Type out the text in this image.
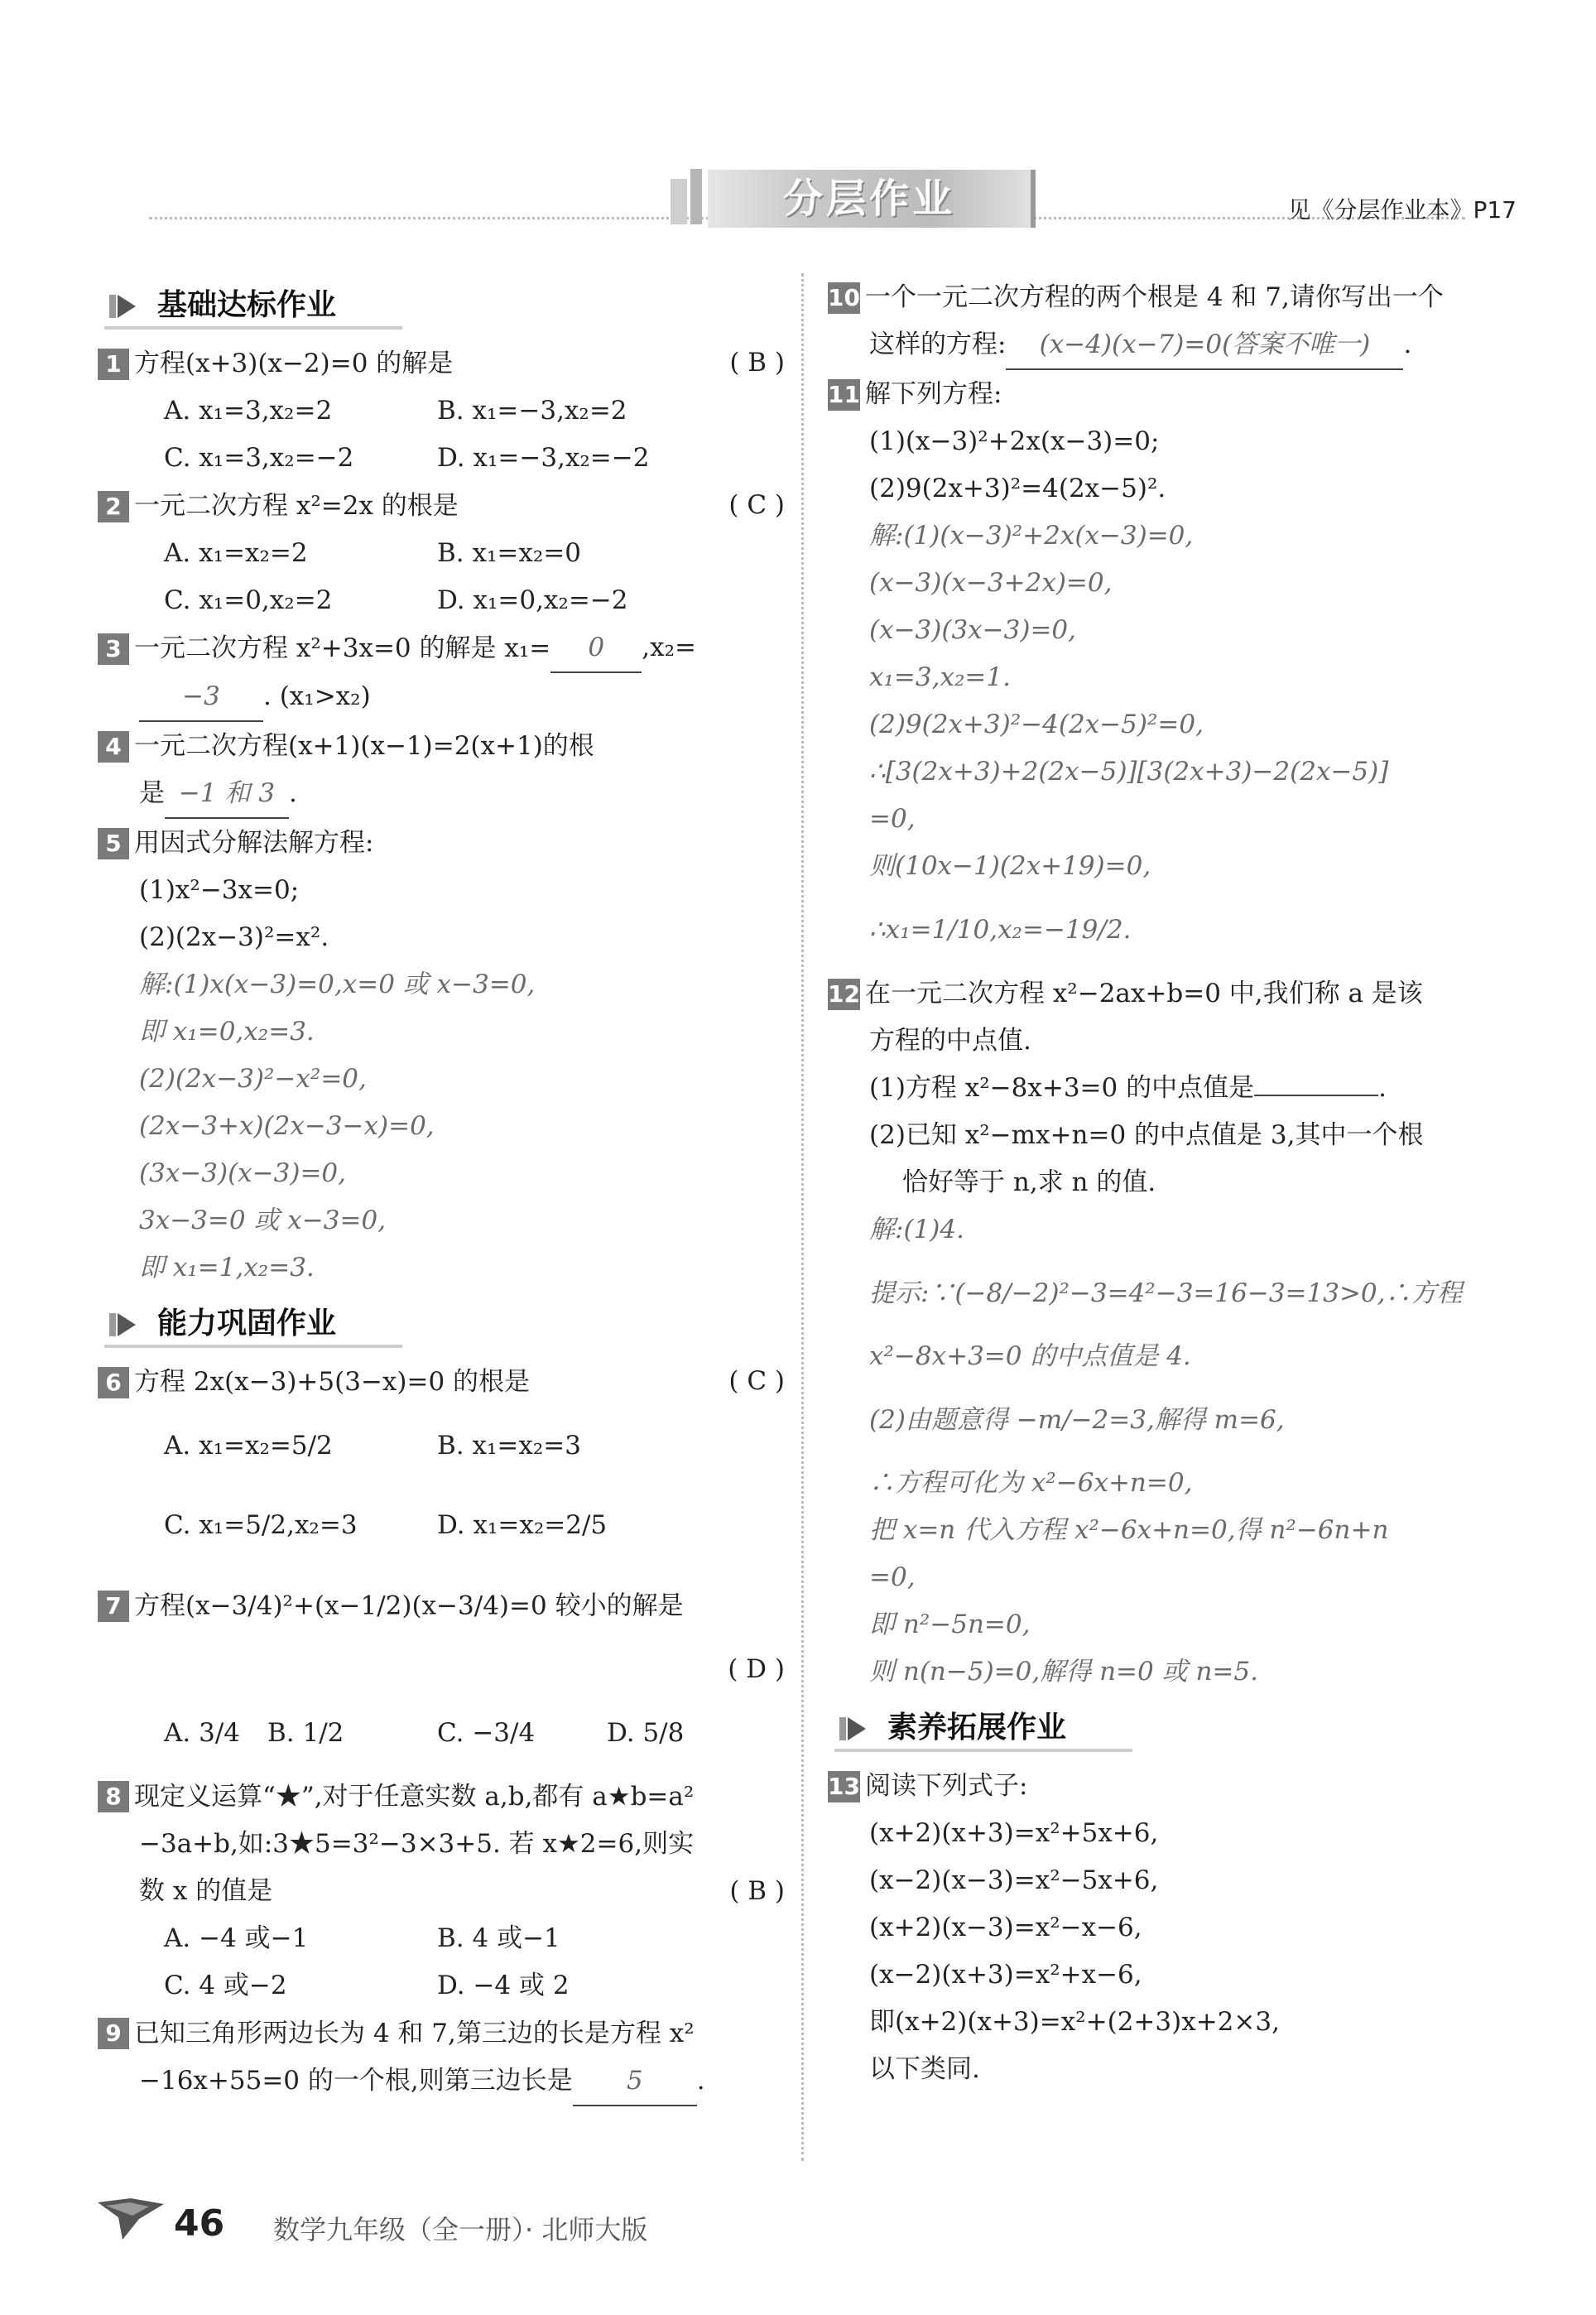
分层作业	见《分层作业本》P17
基础达标作业
1 方程(x+3)(x−2)=0 的解是	( B )
A. x₁=3,x₂=2	B. x₁=−3,x₂=2
C. x₁=3,x₂=−2	D. x₁=−3,x₂=−2
2 一元二次方程 x²=2x 的根是	( C )
A. x₁=x₂=2	B. x₁=x₂=0
C. x₁=0,x₂=2	D. x₁=0,x₂=−2
3 一元二次方程 x²+3x=0 的解是 x₁= 0 ,x₂=
−3 . (x₁>x₂)
4 一元二次方程(x+1)(x−1)=2(x+1)的根
是 −1 和 3 .
5 用因式分解法解方程:
(1)x²−3x=0;
(2)(2x−3)²=x².
解:(1)x(x−3)=0,x=0 或 x−3=0,
即 x₁=0,x₂=3.
(2)(2x−3)²−x²=0,
(2x−3+x)(2x−3−x)=0,
(3x−3)(x−3)=0,
3x−3=0 或 x−3=0,
即 x₁=1,x₂=3.
能力巩固作业
6 方程 2x(x−3)+5(3−x)=0 的根是	( C )
A. x₁=x₂=5/2	B. x₁=x₂=3
C. x₁=5/2,x₂=3	D. x₁=x₂=2/5
7 方程(x−3/4)²+(x−1/2)(x−3/4)=0 较小的解是
( D )
A. 3/4 B. 1/2	C. −3/4	D. 5/8
8 现定义运算“★”,对于任意实数 a,b,都有 a★b=a²
−3a+b,如:3★5=3²−3×3+5. 若 x★2=6,则实
数 x 的值是	( B )
A. −4 或−1	B. 4 或−1
C. 4 或−2	D. −4 或 2
9 已知三角形两边长为 4 和 7,第三边的长是方程 x²
−16x+55=0 的一个根,则第三边长是 5 .
10 一个一元二次方程的两个根是 4 和 7,请你写出一个
这样的方程: (x−4)(x−7)=0(答案不唯一) .
11 解下列方程:
(1)(x−3)²+2x(x−3)=0;
(2)9(2x+3)²=4(2x−5)².
解:(1)(x−3)²+2x(x−3)=0,
(x−3)(x−3+2x)=0,
(x−3)(3x−3)=0,
x₁=3,x₂=1.
(2)9(2x+3)²−4(2x−5)²=0,
∴[3(2x+3)+2(2x−5)][3(2x+3)−2(2x−5)]
=0,
则(10x−1)(2x+19)=0,
∴x₁=1/10,x₂=−19/2.
12 在一元二次方程 x²−2ax+b=0 中,我们称 a 是该
方程的中点值.
(1)方程 x²−8x+3=0 的中点值是	.
(2)已知 x²−mx+n=0 的中点值是 3,其中一个根
恰好等于 n,求 n 的值.
解:(1)4.
提示:∵(−8/−2)²−3=4²−3=16−3=13>0,∴方程
x²−8x+3=0 的中点值是 4.
(2)由题意得 −m/−2=3,解得 m=6,
∴方程可化为 x²−6x+n=0,
把 x=n 代入方程 x²−6x+n=0,得 n²−6n+n
=0,
即 n²−5n=0,
则 n(n−5)=0,解得 n=0 或 n=5.
素养拓展作业
13 阅读下列式子:
(x+2)(x+3)=x²+5x+6,
(x−2)(x−3)=x²−5x+6,
(x+2)(x−3)=x²−x−6,
(x−2)(x+3)=x²+x−6,
即(x+2)(x+3)=x²+(2+3)x+2×3,
以下类同.
46 数学九年级（全一册）· 北师大版
